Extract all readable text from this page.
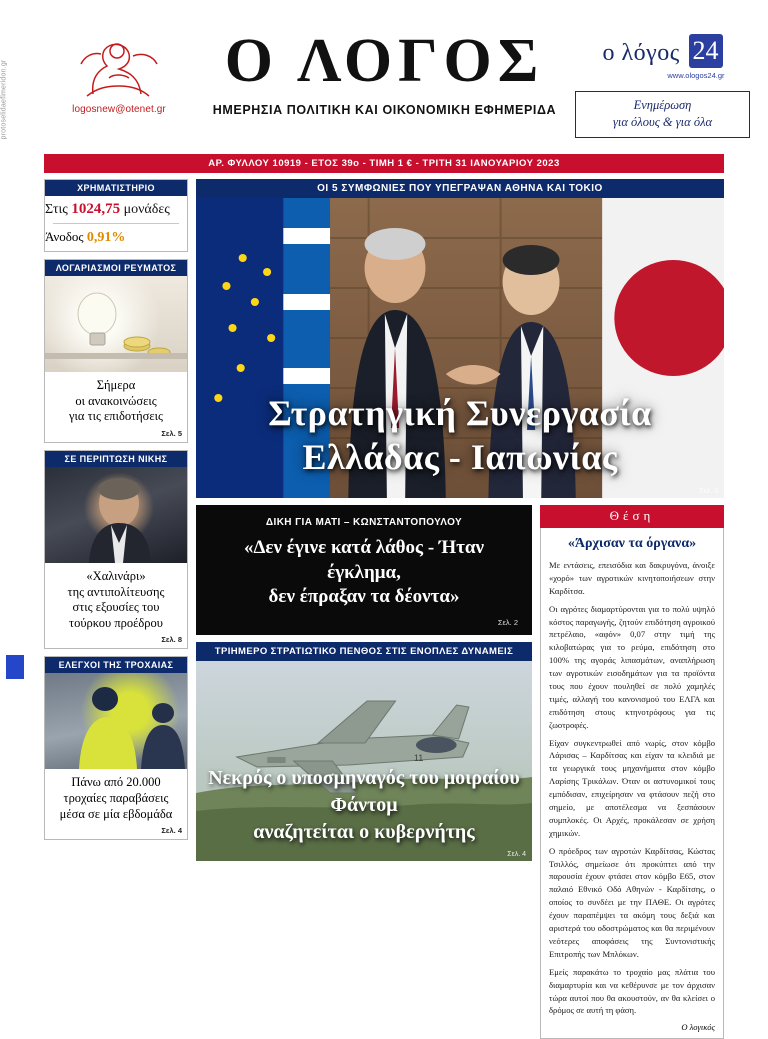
protoselidaefimeridon.gr	logosnew@otenet.gr
Ο ΛΟΓΟΣ
ΗΜΕΡΗΣΙΑ ΠΟΛΙΤΙΚΗ ΚΑΙ ΟΙΚΟΝΟΜΙΚΗ ΕΦΗΜΕΡΙΔΑ
ο λόγος 24
www.ologos24.gr
Ενημέρωση
για όλους & για όλα
ΑΡ. ΦΥΛΛΟΥ 10919 - ΕΤΟΣ 39ο - ΤΙΜΗ 1 € - ΤΡΙΤΗ 31 ΙΑΝΟΥΑΡΙΟΥ 2023
ΧΡΗΜΑΤΙΣΤΗΡΙΟ
Στις 1024,75 μονάδες
Άνοδος 0,91%
ΛΟΓΑΡΙΑΣΜΟΙ ΡΕΥΜΑΤΟΣ
Σήμερα
οι ανακοινώσεις
για τις επιδοτήσεις
Σελ. 5
ΣΕ ΠΕΡΙΠΤΩΣΗ ΝΙΚΗΣ
«Χαλινάρι»
της αντιπολίτευσης
στις εξουσίες του
τούρκου προέδρου
Σελ. 8
ΕΛΕΓΧΟΙ ΤΗΣ ΤΡΟΧΑΙΑΣ
Πάνω από 20.000
τροχαίες παραβάσεις
μέσα σε μία εβδομάδα
Σελ. 4
ΟΙ 5 ΣΥΜΦΩΝΙΕΣ ΠΟΥ ΥΠΕΓΡΑΨΑΝ ΑΘΗΝΑ ΚΑΙ ΤΟΚΙΟ
Στρατηγική Συνεργασία
Ελλάδας - Ιαπωνίας
Σελ. 3
ΔΙΚΗ ΓΙΑ ΜΑΤΙ – ΚΩΝΣΤΑΝΤΟΠΟΥΛΟΥ
«Δεν έγινε κατά λάθος - Ήταν έγκλημα,
δεν έπραξαν τα δέοντα»
Σελ. 2
ΤΡΙΗΜΕΡΟ ΣΤΡΑΤΙΩΤΙΚΟ ΠΕΝΘΟΣ ΣΤΙΣ ΕΝΟΠΛΕΣ ΔΥΝΑΜΕΙΣ
11
Νεκρός ο υποσμηναγός του μοιραίου Φάντομ
αναζητείται ο κυβερνήτης
Σελ. 4
Θέση
«Άρχισαν τα όργανα»

Με εντάσεις, επεισόδια και δακρυγόνα, άνοιξε «χορό» των αγροτικών κινητοποιήσεων στην Καρδίτσα.

Οι αγρότες διαμαρτύρονται για το πολύ υψηλό κόστος παραγωγής, ζητούν επιδότηση αγροικού πετρέλαιο, «αφόν» 0,07 στην τιμή της κιλοβατώρας για το ρεύμα, επιδότηση στο 100% της αγοράς λιπασμάτων, αναπλήρωση των αγροτικών εισοδημάτων για τα προϊόντα τους που έχουν πουληθεί σε πολύ χαμηλές τιμές, αλλαγή του κανονισμού του ΕΛΓΑ και επιδότηση στους κτηνοτρόφους για τις ζωοτροφές.

Είχαν συγκεντρωθεί από νωρίς, στον κόμβο Λάρισας – Καρδίτσας και είχαν τα κλειδιά με τα γεωργικά τους μηχανήματα στον κόμβο Λαρίσης Τρικάλων. Όταν οι αστυνομικοί τους εμπόδισαν, επιχείρησαν να φτάσουν πεζή στο σημείο, με αποτέλεσμα να ξεσπάσουν συμπλοκές. Οι Αρχές, προκάλεσαν σε χρήση χημικών.

Ο πρόεδρος των αγροτών Καρδίτσας, Κώστας Τσιλλός, σημείωσε ότι προκύπτει από την παρουσία έχουν φτάσει στον κόμβο Ε65, στον παλαιό Εθνικό Οδό Αθηνών - Καρδίτσης, ο οποίος το συνδέει με την ΠΑΘΕ. Οι αγρότες έχουν παραπέμψει τα ακόμη τους δεξιά και αριστερά του οδοστρώματος και θα περιμένουν νεότερες αποφάσεις της Συντονιστικής Επιτροπής των Μπλόκων.

Εμείς παρακάτω το τροχαίο μας πλάτια του διαμαρτυρία και να κεθέρυνσε με τον άρχισαν τώρα αυτοί που θα ακουστούν, αν θα κλείσει ο δρόμος σε αυτή τη φάση.

Ο λογικός
